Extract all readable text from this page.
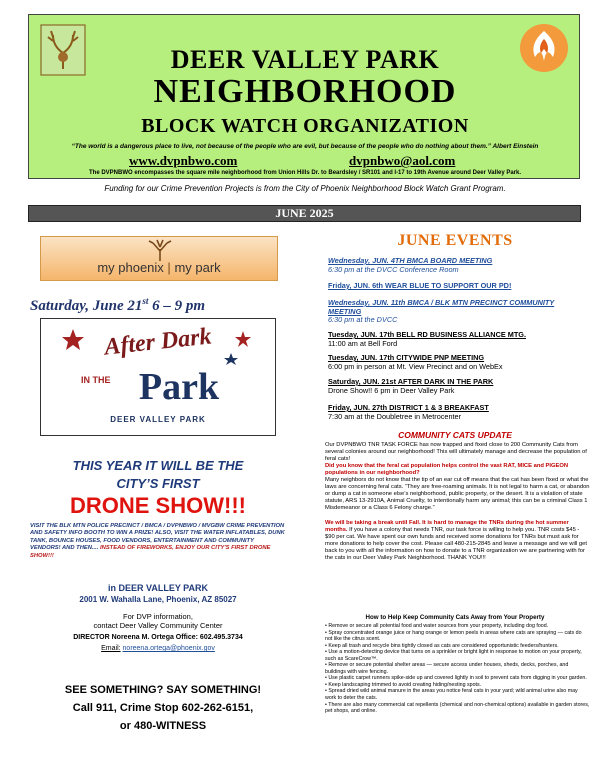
DEER VALLEY PARK
NEIGHBORHOOD
BLOCK WATCH ORGANIZATION
“The world is a dangerous place to live, not because of the people who are evil, but because of the people who do nothing about them.” Albert Einstein
www.dvpnbwo.com	dvpnbwo@aol.com
The DVPNBWO encompasses the square mile neighborhood from Union Hills Dr. to Beardsley / SR101 and I-17 to 19th Avenue around Deer Valley Park.
Funding for our Crime Prevention Projects is from the City of Phoenix Neighborhood Block Watch Grant Program.
JUNE 2025
my phoenix | my park
Saturday, June 21st 6 – 9 pm
After Dark
IN THE Park
DEER VALLEY PARK
THIS YEAR IT WILL BE THE
CITY’S FIRST
DRONE SHOW!!!
VISIT THE BLK MTN POLICE PRECINCT / BMCA / DVPNBWO / MVGBW CRIME PREVENTION AND SAFETY INFO BOOTH TO WIN A PRIZE! ALSO, VISIT THE WATER INFLATABLES, DUNK TANK, BOUNCE HOUSES, FOOD VENDORS, ENTERTAINMENT AND COMMUNITY VENDORS! AND THEN.... INSTEAD OF FIREWORKS, ENJOY OUR CITY'S FIRST DRONE SHOW!!!
in DEER VALLEY PARK
2001 W. Wahalla Lane, Phoenix, AZ 85027
For DVP information,
contact Deer Valley Community Center
DIRECTOR Noreena M. Ortega Office: 602.495.3734
Email: noreena.ortega@phoenix.gov
SEE SOMETHING? SAY SOMETHING!
Call 911, Crime Stop 602-262-6151,
or 480-WITNESS
JUNE EVENTS
Wednesday, JUN. 4TH BMCA BOARD MEETING
6:30 pm at the DVCC Conference Room
Friday, JUN. 6th WEAR BLUE TO SUPPORT OUR PD!
Wednesday, JUN. 11th BMCA / BLK MTN PRECINCT COMMUNITY MEETING
6:30 pm at the DVCC
Tuesday, JUN. 17th BELL RD BUSINESS ALLIANCE MTG.
11:00 am at Bell Ford
Tuesday, JUN. 17th CITYWIDE PNP MEETING
6:00 pm in person at Mt. View Precinct and on WebEx
Saturday, JUN. 21st AFTER DARK IN THE PARK
Drone Show!! 6 pm in Deer Valley Park
Friday, JUN. 27th DISTRICT 1 & 3 BREAKFAST
7:30 am at the Doubletree in Metrocenter
COMMUNITY CATS UPDATE
Our DVPNBWO TNR TASK FORCE has now trapped and fixed close to 200 Community Cats from several colonies around our neighborhood! This will ultimately manage and decrease the population of feral cats!
Did you know that the feral cat population helps control the vast RAT, MICE and PIGEON populations in our neighborhood?
Many neighbors do not know that the tip of an ear cut off means that the cat has been fixed or what the laws are concerning feral cats. “They are free-roaming animals. It is not legal to harm a cat, or abandon or dump a cat in someone else’s neighborhood, public property, or the desert. It is a violation of state statute, ARS 13-2910A, Animal Cruelty, to intentionally harm any animal; this can be a criminal Class 1 Misdemeanor or a Class 6 Felony charge.”
We will be taking a break until Fall. It is hard to manage the TNRs during the hot summer months. If you have a colony that needs TNR, our task force is willing to help you. TNR costs $45 - $90 per cat. We have spent our own funds and received some donations for TNRs but must ask for more donations to help cover the cost. Please call 480-215-2845 and leave a message and we will get back to you with all the information on how to donate to a TNR organization we are partnering with for the cats in our Deer Valley Park Neighborhood. THANK YOU!!!
How to Help Keep Community Cats Away from Your Property
• Remove or secure all potential food and water sources from your property, including dog food.
• Spray concentrated orange juice or hang orange or lemon peels in areas where cats are spraying — cats do not like the citrus scent.
• Keep all trash and recycle bins tightly closed as cats are considered opportunistic feeders/hunters.
• Use a motion-detecting device that turns on a sprinkler or bright light in response to motion on your property, such as ScareCrow™.
• Remove or secure potential shelter areas — secure access under houses, sheds, decks, porches, and buildings with wire fencing.
• Use plastic carpet runners spike-side up and covered lightly in soil to prevent cats from digging in your garden.
• Keep landscaping trimmed to avoid creating hiding/nesting spots.
• Spread dried wild animal manure in the areas you notice feral cats in your yard; wild animal urine also may work to deter the cats.
• There are also many commercial cat repellents (chemical and non-chemical options) available in garden stores, pet shops, and online.
